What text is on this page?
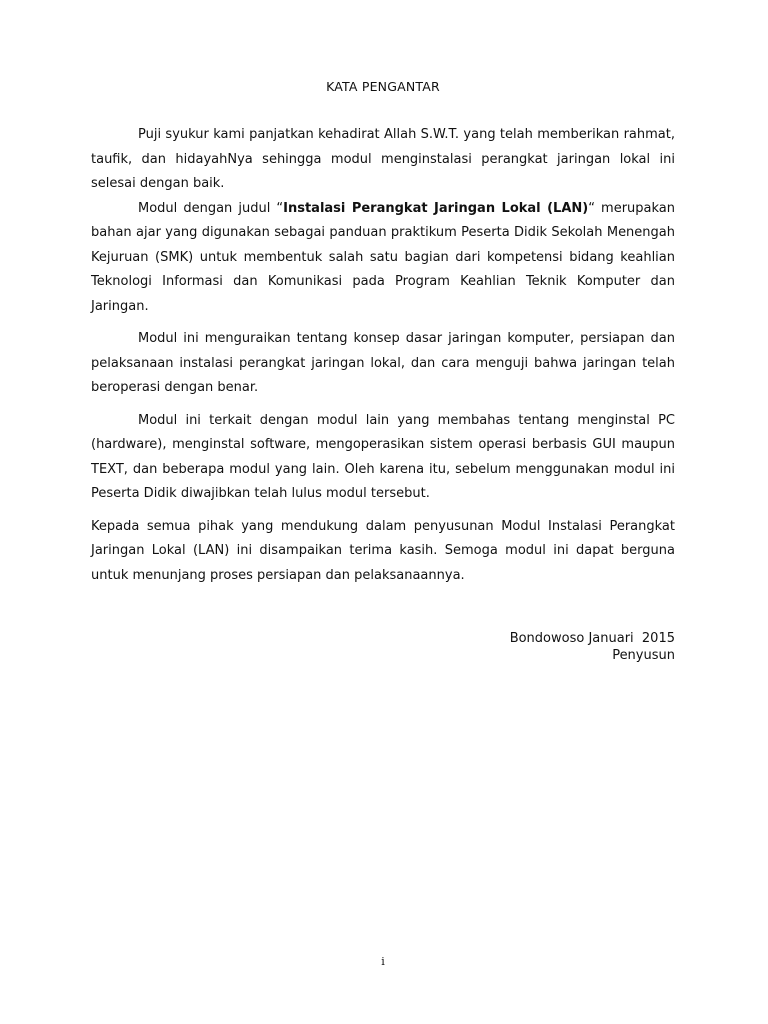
KATA PENGANTAR

Puji syukur kami panjatkan kehadirat Allah S.W.T. yang telah memberikan rahmat, taufik, dan hidayahNya sehingga modul menginstalasi perangkat jaringan lokal ini selesai dengan baik.

Modul dengan judul “Instalasi Perangkat Jaringan Lokal (LAN)“ merupakan bahan ajar yang digunakan sebagai panduan praktikum Peserta Didik Sekolah Menengah Kejuruan (SMK) untuk membentuk salah satu bagian dari kompetensi bidang keahlian Teknologi Informasi dan Komunikasi pada Program Keahlian Teknik Komputer dan Jaringan.

Modul ini menguraikan tentang konsep dasar jaringan komputer, persiapan dan pelaksanaan instalasi perangkat jaringan lokal, dan cara menguji bahwa jaringan telah beroperasi dengan benar.

Modul ini terkait dengan modul lain yang membahas tentang menginstal PC (hardware), menginstal software, mengoperasikan sistem operasi berbasis GUI maupun TEXT, dan beberapa modul yang lain. Oleh karena itu, sebelum menggunakan modul ini Peserta Didik diwajibkan telah lulus modul tersebut.

Kepada semua pihak yang mendukung dalam penyusunan Modul Instalasi Perangkat Jaringan Lokal (LAN) ini disampaikan terima kasih. Semoga modul ini dapat berguna untuk menunjang proses persiapan dan pelaksanaannya.

Bondowoso Januari  2015
Penyusun
i
